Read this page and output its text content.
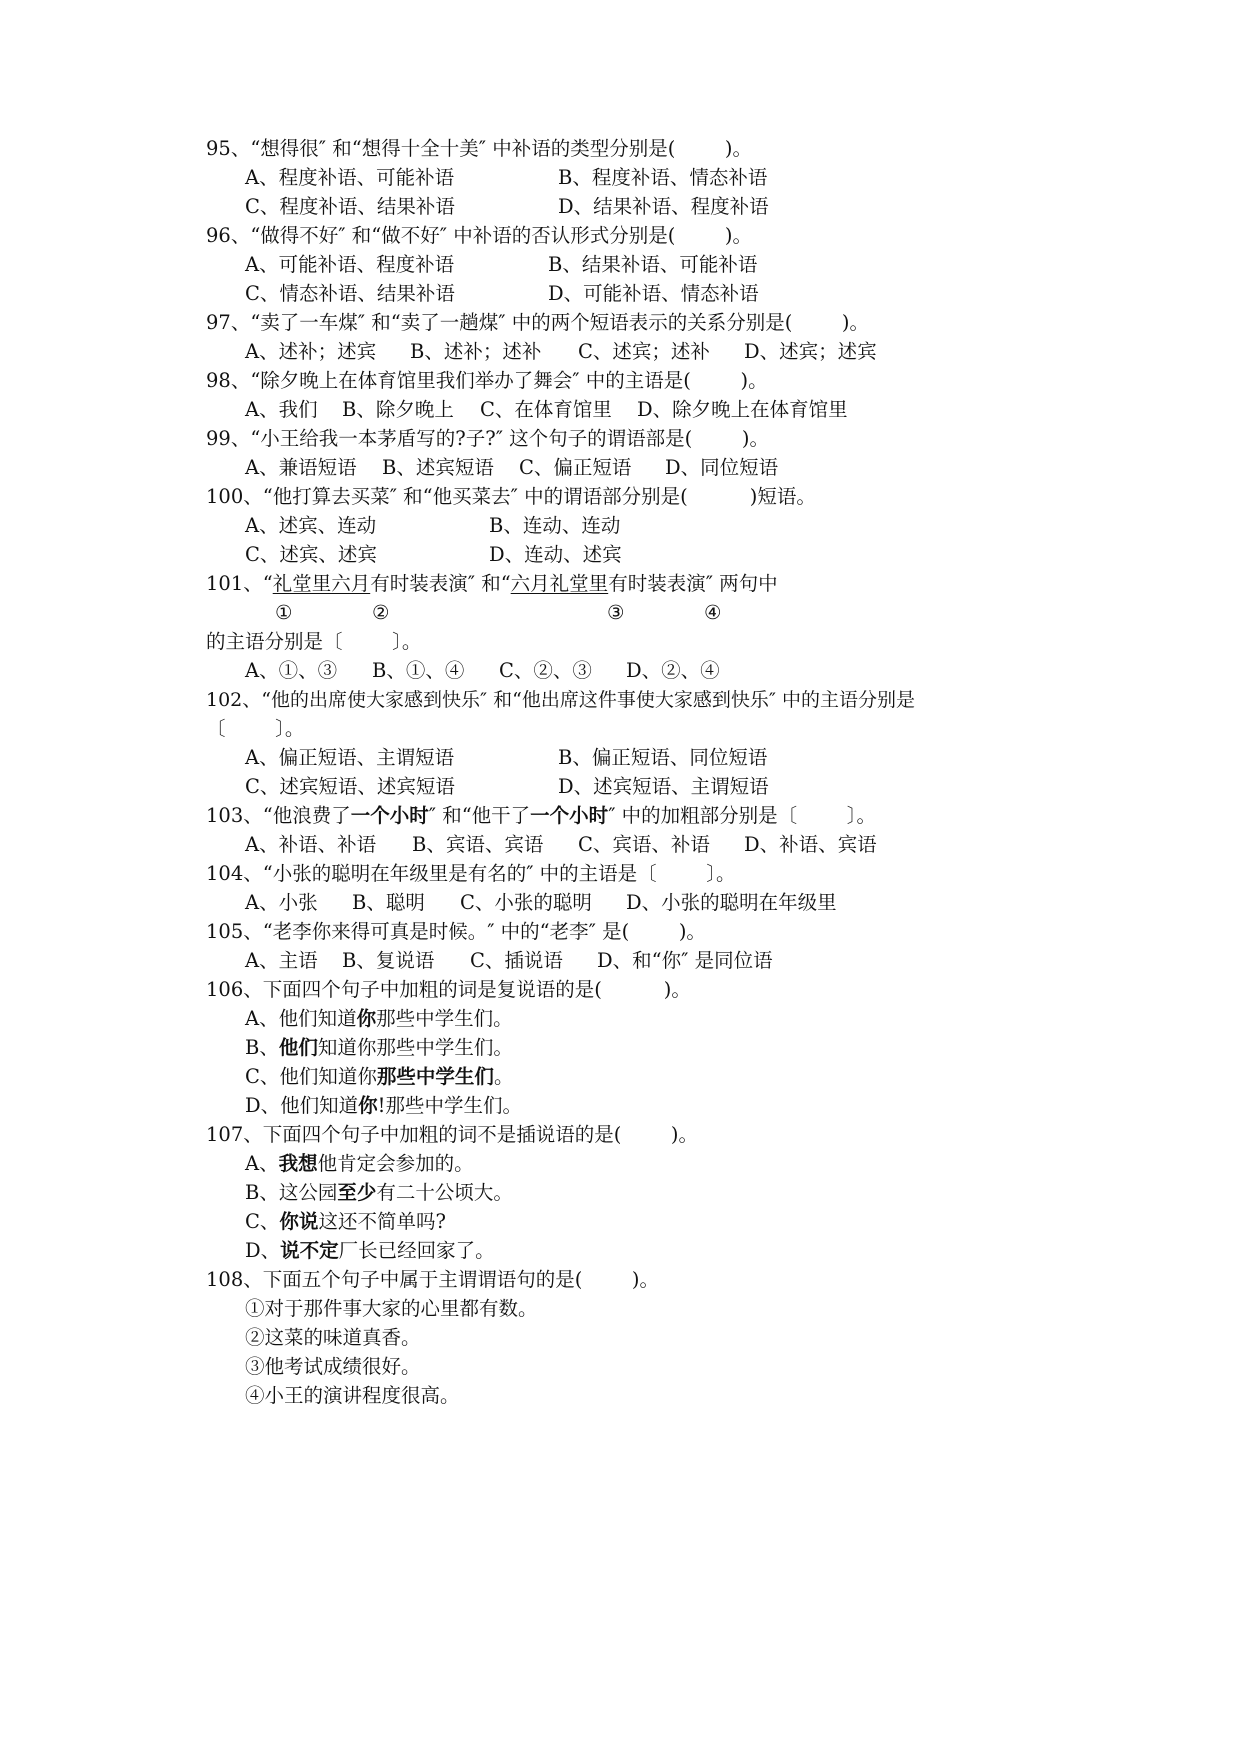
95、“想得很″ 和“想得十全十美″ 中补语的类型分别是(        )。
A、程度补语、可能补语	B、程度补语、情态补语
C、程度补语、结果补语	D、结果补语、程度补语
96、“做得不好″ 和“做不好″ 中补语的否认形式分别是(        )。
A、可能补语、程度补语	B、结果补语、可能补语
C、情态补语、结果补语	D、可能补语、情态补语
97、“卖了一车煤″ 和“卖了一趟煤″ 中的两个短语表示的关系分别是(        )。
A、述补；述宾 B、述补；述补 C、述宾；述补 D、述宾；述宾
98、“除夕晚上在体育馆里我们举办了舞会″ 中的主语是(        )。
A、我们 B、除夕晚上 C、在体育馆里 D、除夕晚上在体育馆里
99、“小王给我一本茅盾写的?子?″ 这个句子的谓语部是(        )。
A、兼语短语 B、述宾短语 C、偏正短语 D、同位短语
100、“他打算去买菜″ 和“他买菜去″ 中的谓语部分别是(          )短语。
A、述宾、连动	B、连动、连动
C、述宾、述宾	D、连动、述宾
101、“礼堂里六月有时装表演″ 和“六月礼堂里有时装表演″ 两句中
①	②	③	④
的主语分别是〔        〕。
A、①、③ B、①、④ C、②、③ D、②、④
102、“他的出席使大家感到快乐″ 和“他出席这件事使大家感到快乐″ 中的主语分别是
〔        〕。
A、偏正短语、主谓短语	B、偏正短语、同位短语
C、述宾短语、述宾短语	D、述宾短语、主谓短语
103、“他浪费了一个小时″ 和“他干了一个小时″ 中的加粗部分别是〔        〕。
A、补语、补语 B、宾语、宾语 C、宾语、补语 D、补语、宾语
104、“小张的聪明在年级里是有名的″ 中的主语是〔        〕。
A、小张 B、聪明 C、小张的聪明 D、小张的聪明在年级里
105、“老李你来得可真是时候。″ 中的“老李″ 是(        )。
A、主语 B、复说语 C、插说语 D、和“你″ 是同位语
106、下面四个句子中加粗的词是复说语的是(          )。
A、他们知道你那些中学生们。
B、他们知道你那些中学生们。
C、他们知道你那些中学生们。
D、他们知道你!那些中学生们。
107、下面四个句子中加粗的词不是插说语的是(        )。
A、我想他肯定会参加的。
B、这公园至少有二十公顷大。
C、你说这还不简单吗?
D、说不定厂长已经回家了。
108、下面五个句子中属于主谓谓语句的是(        )。
①对于那件事大家的心里都有数。
②这菜的味道真香。
③他考试成绩很好。
④小王的演讲程度很高。
